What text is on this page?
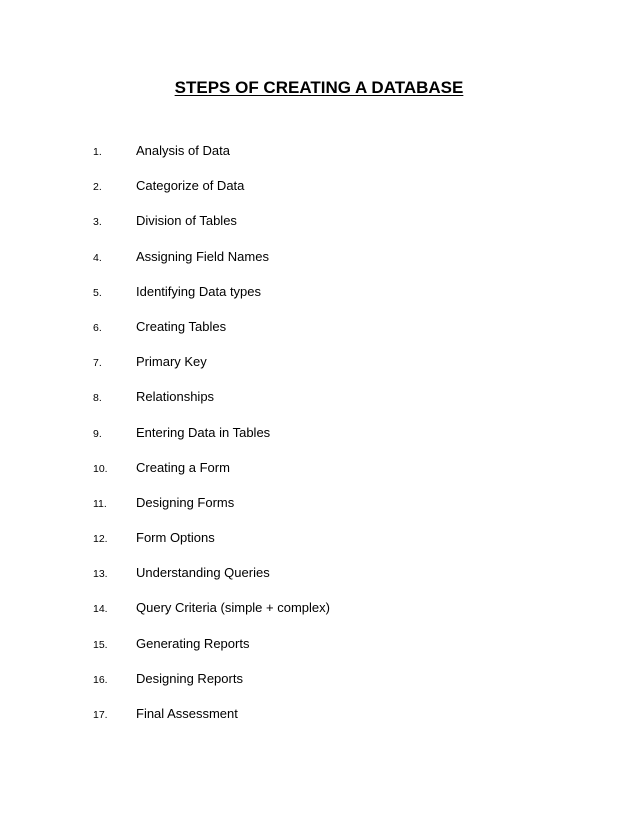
STEPS OF CREATING A DATABASE
1.	Analysis of Data
2.	Categorize of Data
3.	Division of Tables
4.	Assigning Field Names
5.	Identifying Data types
6.	Creating Tables
7.	Primary Key
8.	Relationships
9.	Entering Data in Tables
10. Creating a Form
11. Designing Forms
12. Form Options
13. Understanding Queries
14. Query Criteria (simple + complex)
15. Generating Reports
16. Designing Reports
17. Final Assessment
